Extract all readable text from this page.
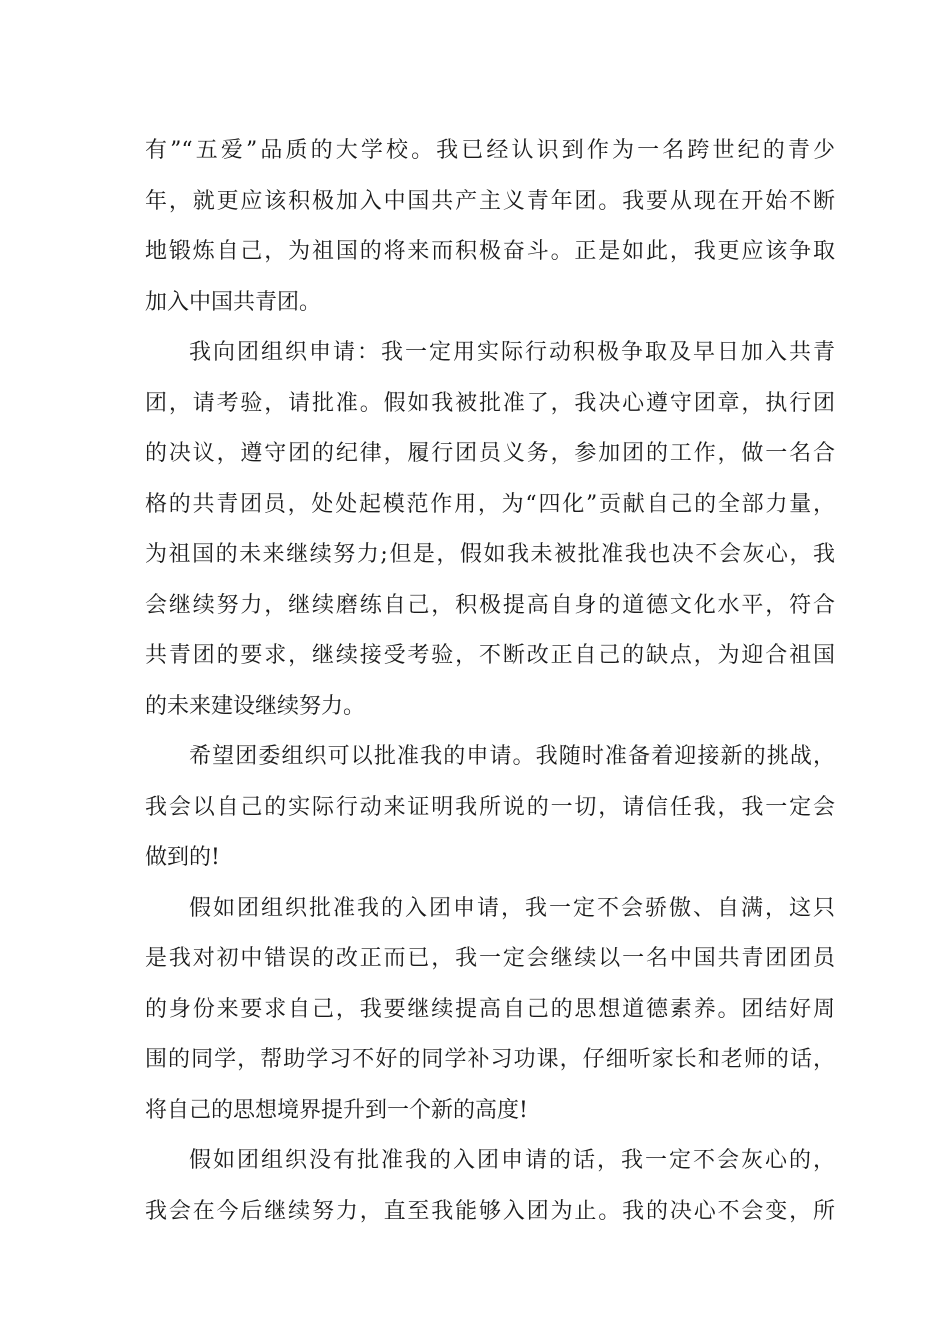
有”“五爱”品质的大学校。我已经认识到作为一名跨世纪的青少
年，就更应该积极加入中国共产主义青年团。我要从现在开始不断
地锻炼自己，为祖国的将来而积极奋斗。正是如此，我更应该争取
加入中国共青团。
我向团组织申请：我一定用实际行动积极争取及早日加入共青
团，请考验，请批准。假如我被批准了，我决心遵守团章，执行团
的决议，遵守团的纪律，履行团员义务，参加团的工作，做一名合
格的共青团员，处处起模范作用，为“四化”贡献自己的全部力量，
为祖国的未来继续努力;但是，假如我未被批准我也决不会灰心，我
会继续努力，继续磨练自己，积极提高自身的道德文化水平，符合
共青团的要求，继续接受考验，不断改正自己的缺点，为迎合祖国
的未来建设继续努力。
希望团委组织可以批准我的申请。我随时准备着迎接新的挑战，
我会以自己的实际行动来证明我所说的一切，请信任我，我一定会
做到的!
假如团组织批准我的入团申请，我一定不会骄傲、自满，这只
是我对初中错误的改正而已，我一定会继续以一名中国共青团团员
的身份来要求自己，我要继续提高自己的思想道德素养。团结好周
围的同学，帮助学习不好的同学补习功课，仔细听家长和老师的话，
将自己的思想境界提升到一个新的高度!
假如团组织没有批准我的入团申请的话，我一定不会灰心的，
我会在今后继续努力，直至我能够入团为止。我的决心不会变，所
